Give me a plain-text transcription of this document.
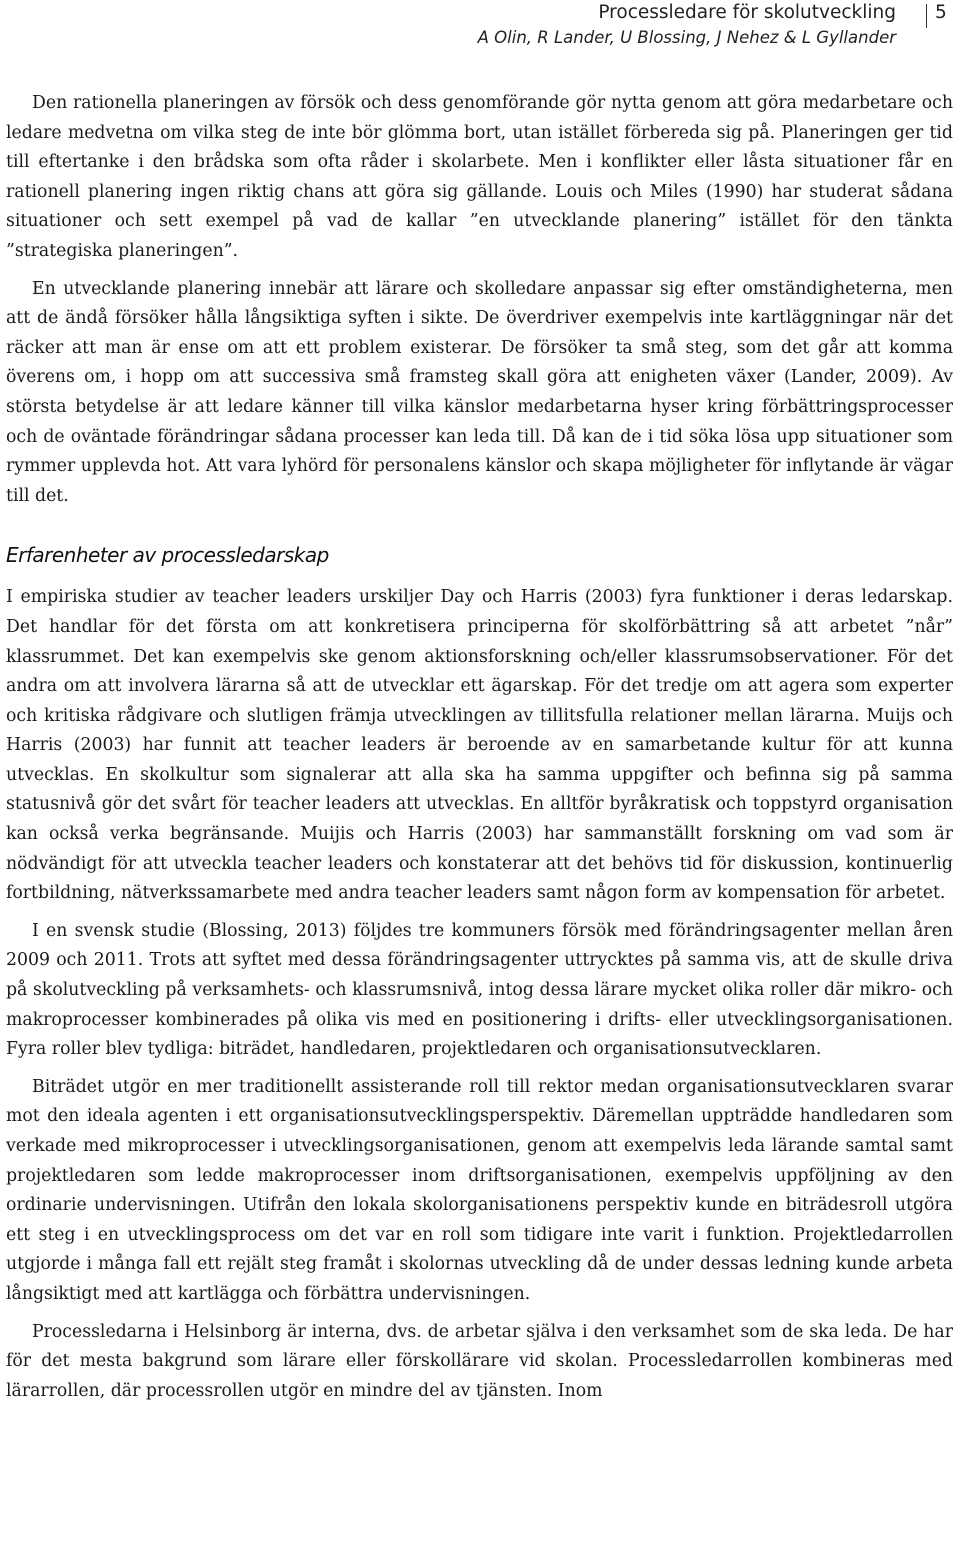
Processledare för skolutveckling
A Olin, R Lander, U Blossing, J Nehez & L Gyllander
5

Den rationella planeringen av försök och dess genomförande gör nytta genom att göra medarbetare och ledare medvetna om vilka steg de inte bör glömma bort, utan istället förbereda sig på. Planeringen ger tid till eftertanke i den brådska som ofta råder i skolarbete. Men i konflikter eller låsta situationer får en rationell planering ingen riktig chans att göra sig gällande. Louis och Miles (1990) har studerat sådana situationer och sett exempel på vad de kallar ”en utvecklande planering” istället för den tänkta ”strategiska planeringen”.

En utvecklande planering innebär att lärare och skolledare anpassar sig efter omständigheterna, men att de ändå försöker hålla långsiktiga syften i sikte. De överdriver exempelvis inte kartläggningar när det räcker att man är ense om att ett problem existerar. De försöker ta små steg, som det går att komma överens om, i hopp om att successiva små framsteg skall göra att enigheten växer (Lander, 2009). Av största betydelse är att ledare känner till vilka känslor medarbetarna hyser kring förbättringsprocesser och de oväntade förändringar sådana processer kan leda till. Då kan de i tid söka lösa upp situationer som rymmer upplevda hot. Att vara lyhörd för personalens känslor och skapa möjligheter för inflytande är vägar till det.

Erfarenheter av processledarskap

I empiriska studier av teacher leaders urskiljer Day och Harris (2003) fyra funktioner i deras ledarskap. Det handlar för det första om att konkretisera principerna för skolförbättring så att arbetet ”når” klassrummet. Det kan exempelvis ske genom aktionsforskning och/eller klassrumsobservationer. För det andra om att involvera lärarna så att de utvecklar ett ägarskap. För det tredje om att agera som experter och kritiska rådgivare och slutligen främja utvecklingen av tillitsfulla relationer mellan lärarna. Muijs och Harris (2003) har funnit att teacher leaders är beroende av en samarbetande kultur för att kunna utvecklas. En skolkultur som signalerar att alla ska ha samma uppgifter och befinna sig på samma statusnivå gör det svårt för teacher leaders att utvecklas. En alltför byråkratisk och toppstyrd organisation kan också verka begränsande. Muijis och Harris (2003) har sammanställt forskning om vad som är nödvändigt för att utveckla teacher leaders och konstaterar att det behövs tid för diskussion, kontinuerlig fortbildning, nätverkssamarbete med andra teacher leaders samt någon form av kompensation för arbetet.

I en svensk studie (Blossing, 2013) följdes tre kommuners försök med förändringsagenter mellan åren 2009 och 2011. Trots att syftet med dessa förändringsagenter uttrycktes på samma vis, att de skulle driva på skolutveckling på verksamhets- och klassrumsnivå, intog dessa lärare mycket olika roller där mikro- och makroprocesser kombinerades på olika vis med en positionering i drifts- eller utvecklingsorganisationen. Fyra roller blev tydliga: biträdet, handledaren, projektledaren och organisationsutvecklaren.

Biträdet utgör en mer traditionellt assisterande roll till rektor medan organisationsutvecklaren svarar mot den ideala agenten i ett organisationsutvecklingsperspektiv. Däremellan uppträdde handledaren som verkade med mikroprocesser i utvecklingsorganisationen, genom att exempelvis leda lärande samtal samt projektledaren som ledde makroprocesser inom driftsorganisationen, exempelvis uppföljning av den ordinarie undervisningen. Utifrån den lokala skolorganisationens perspektiv kunde en biträdesroll utgöra ett steg i en utvecklingsprocess om det var en roll som tidigare inte varit i funktion. Projektledarrollen utgjorde i många fall ett rejält steg framåt i skolornas utveckling då de under dessas ledning kunde arbeta långsiktigt med att kartlägga och förbättra undervisningen.

Processledarna i Helsinborg är interna, dvs. de arbetar själva i den verksamhet som de ska leda. De har för det mesta bakgrund som lärare eller förskollärare vid skolan. Processledarrollen kombineras med lärarrollen, där processrollen utgör en mindre del av tjänsten. Inom
